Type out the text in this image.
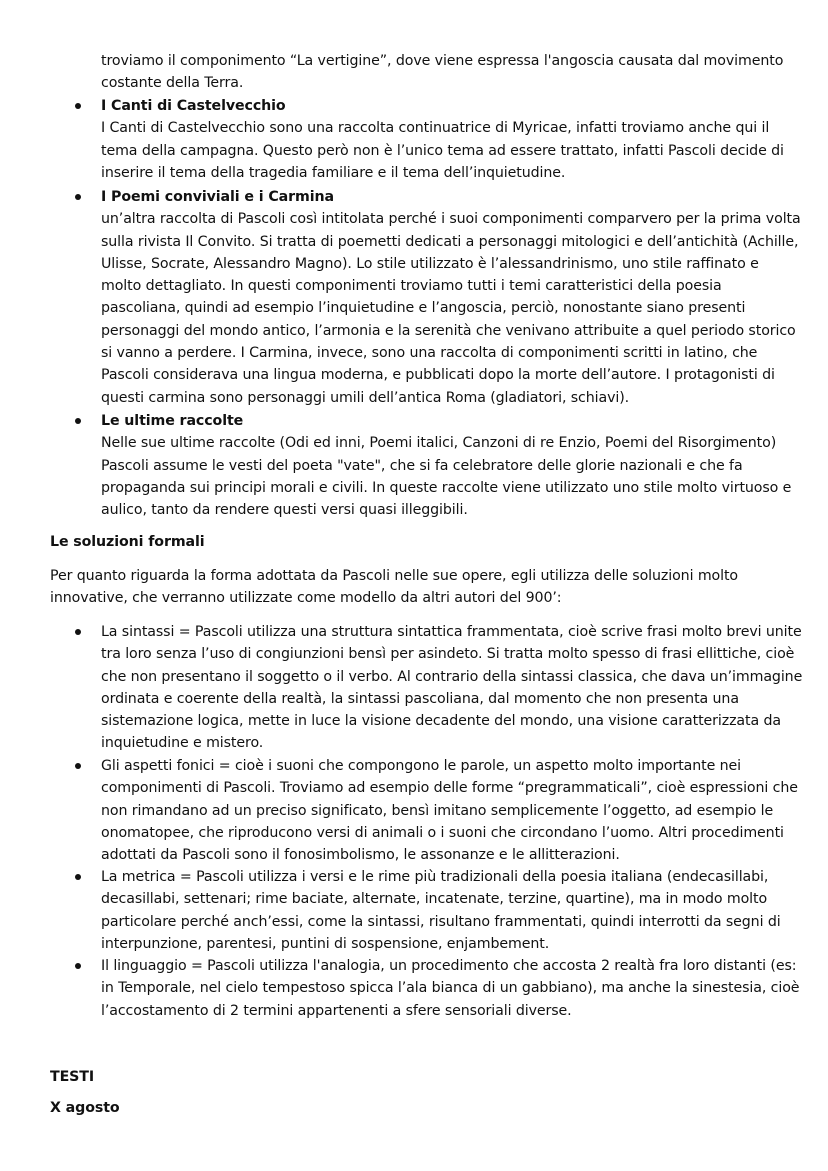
troviamo il componimento “La vertigine”, dove viene espressa l'angoscia causata dal movimento

costante della Terra.

I Canti di Castelvecchio

I Canti di Castelvecchio sono una raccolta continuatrice di Myricae, infatti troviamo anche qui il

tema della campagna. Questo però non è l’unico tema ad essere trattato, infatti Pascoli decide di

inserire il tema della tragedia familiare e il tema dell’inquietudine.

I Poemi conviviali e i Carmina

un’altra raccolta di Pascoli così intitolata perché i suoi componimenti comparvero per la prima volta

sulla rivista Il Convito. Si tratta di poemetti dedicati a personaggi mitologici e dell’antichità (Achille,

Ulisse, Socrate, Alessandro Magno). Lo stile utilizzato è l’alessandrinismo, uno stile raffinato e

molto dettagliato. In questi componimenti troviamo tutti i temi caratteristici della poesia

pascoliana, quindi ad esempio l’inquietudine e l’angoscia, perciò, nonostante siano presenti

personaggi del mondo antico, l’armonia e la serenità che venivano attribuite a quel periodo storico

si vanno a perdere. I Carmina, invece, sono una raccolta di componimenti scritti in latino, che

Pascoli considerava una lingua moderna, e pubblicati dopo la morte dell’autore. I protagonisti di

questi carmina sono personaggi umili dell’antica Roma (gladiatori, schiavi).

Le ultime raccolte

Nelle sue ultime raccolte (Odi ed inni, Poemi italici, Canzoni di re Enzio, Poemi del Risorgimento)

Pascoli assume le vesti del poeta "vate", che si fa celebratore delle glorie nazionali e che fa

propaganda sui principi morali e civili. In queste raccolte viene utilizzato uno stile molto virtuoso e

aulico, tanto da rendere questi versi quasi illeggibili.

Le soluzioni formali

Per quanto riguarda la forma adottata da Pascoli nelle sue opere, egli utilizza delle soluzioni molto

innovative, che verranno utilizzate come modello da altri autori del 900’:

La sintassi = Pascoli utilizza una struttura sintattica frammentata, cioè scrive frasi molto brevi unite

tra loro senza l’uso di congiunzioni bensì per asindeto. Si tratta molto spesso di frasi ellittiche, cioè

che non presentano il soggetto o il verbo. Al contrario della sintassi classica, che dava un’immagine

ordinata e coerente della realtà, la sintassi pascoliana, dal momento che non presenta una

sistemazione logica, mette in luce la visione decadente del mondo, una visione caratterizzata da

inquietudine e mistero.

Gli aspetti fonici = cioè i suoni che compongono le parole, un aspetto molto importante nei

componimenti di Pascoli. Troviamo ad esempio delle forme “pregrammaticali”, cioè espressioni che

non rimandano ad un preciso significato, bensì imitano semplicemente l’oggetto, ad esempio le

onomatopee, che riproducono versi di animali o i suoni che circondano l’uomo. Altri procedimenti

adottati da Pascoli sono il fonosimbolismo, le assonanze e le allitterazioni.

La metrica = Pascoli utilizza i versi e le rime più tradizionali della poesia italiana (endecasillabi,

decasillabi, settenari; rime baciate, alternate, incatenate, terzine, quartine), ma in modo molto

particolare perché anch’essi, come la sintassi, risultano frammentati, quindi interrotti da segni di

interpunzione, parentesi, puntini di sospensione, enjambement.

Il linguaggio = Pascoli utilizza l'analogia, un procedimento che accosta 2 realtà fra loro distanti (es:

in Temporale, nel cielo tempestoso spicca l’ala bianca di un gabbiano), ma anche la sinestesia, cioè

l’accostamento di 2 termini appartenenti a sfere sensoriali diverse.

TESTI

X agosto
